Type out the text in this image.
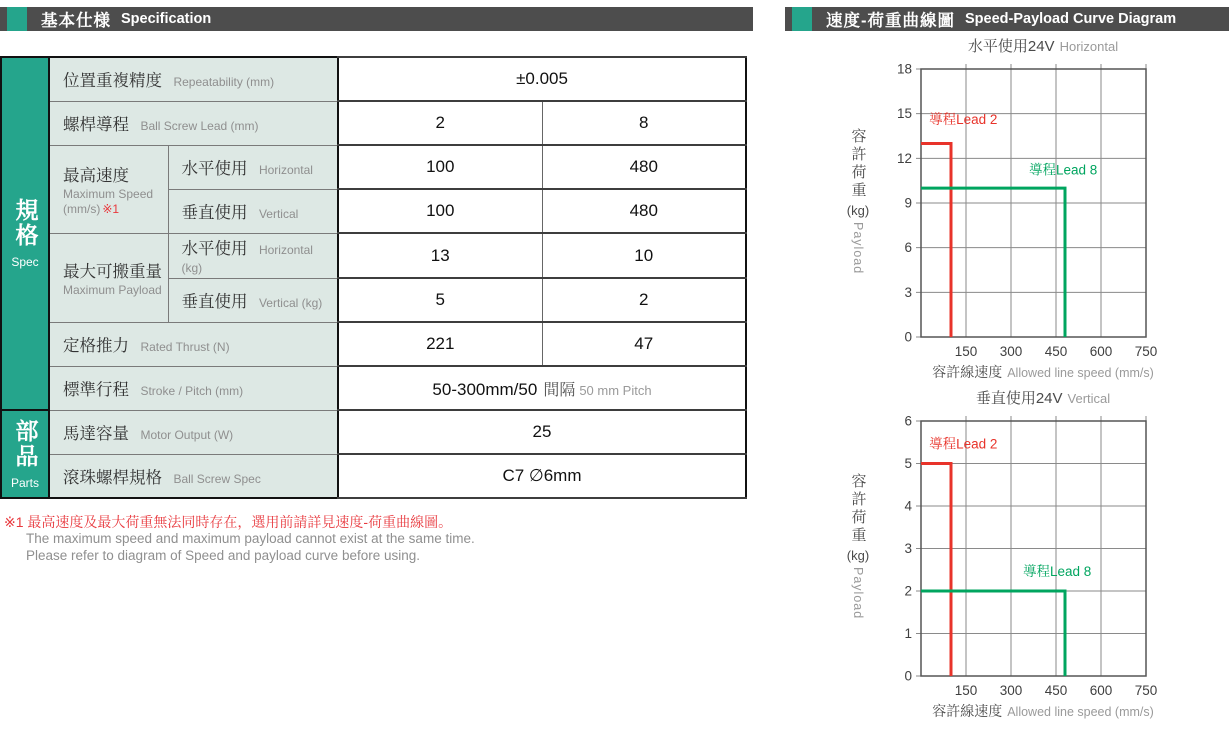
基本仕様 Specification
規格
Spec	位置重複精度 Repeatability (mm)		±0.005	
	螺桿導程 Ball Screw Lead (mm)		2	8
	最高速度
Maximum Speed
(mm/s) ※1	水平使用 Horizontal	100	480
		垂直使用 Vertical	100	480
	最大可搬重量
Maximum Payload	水平使用 Horizontal (kg)	13	10
		垂直使用 Vertical (kg)	5	2
	定格推力 Rated Thrust (N)		221	47
	標準行程 Stroke / Pitch (mm)		50-300mm/50 間隔 50 mm Pitch	
部品
Parts	馬達容量 Motor Output (W)		25	
	滾珠螺桿規格 Ball Screw Spec		C7 ∅6mm	
※1 最高速度及最大荷重無法同時存在，選用前請詳見速度-荷重曲線圖。
The maximum speed and maximum payload cannot exist at the same time.
Please refer to diagram of Speed and payload curve before using.
速度-荷重曲線圖 Speed-Payload Curve Diagram
水平使用24V Horizontal
容許荷重
(kg)
Payload
0
3
6
9
12
15
18
150 300 450 600 750
導程Lead 2
導程Lead 8
容許線速度 Allowed line speed (mm/s)
垂直使用24V Vertical
容許荷重
(kg)
Payload
0
1
2
3
4
5
6
150 300 450 600 750
導程Lead 2
導程Lead 8
容許線速度 Allowed line speed (mm/s)
